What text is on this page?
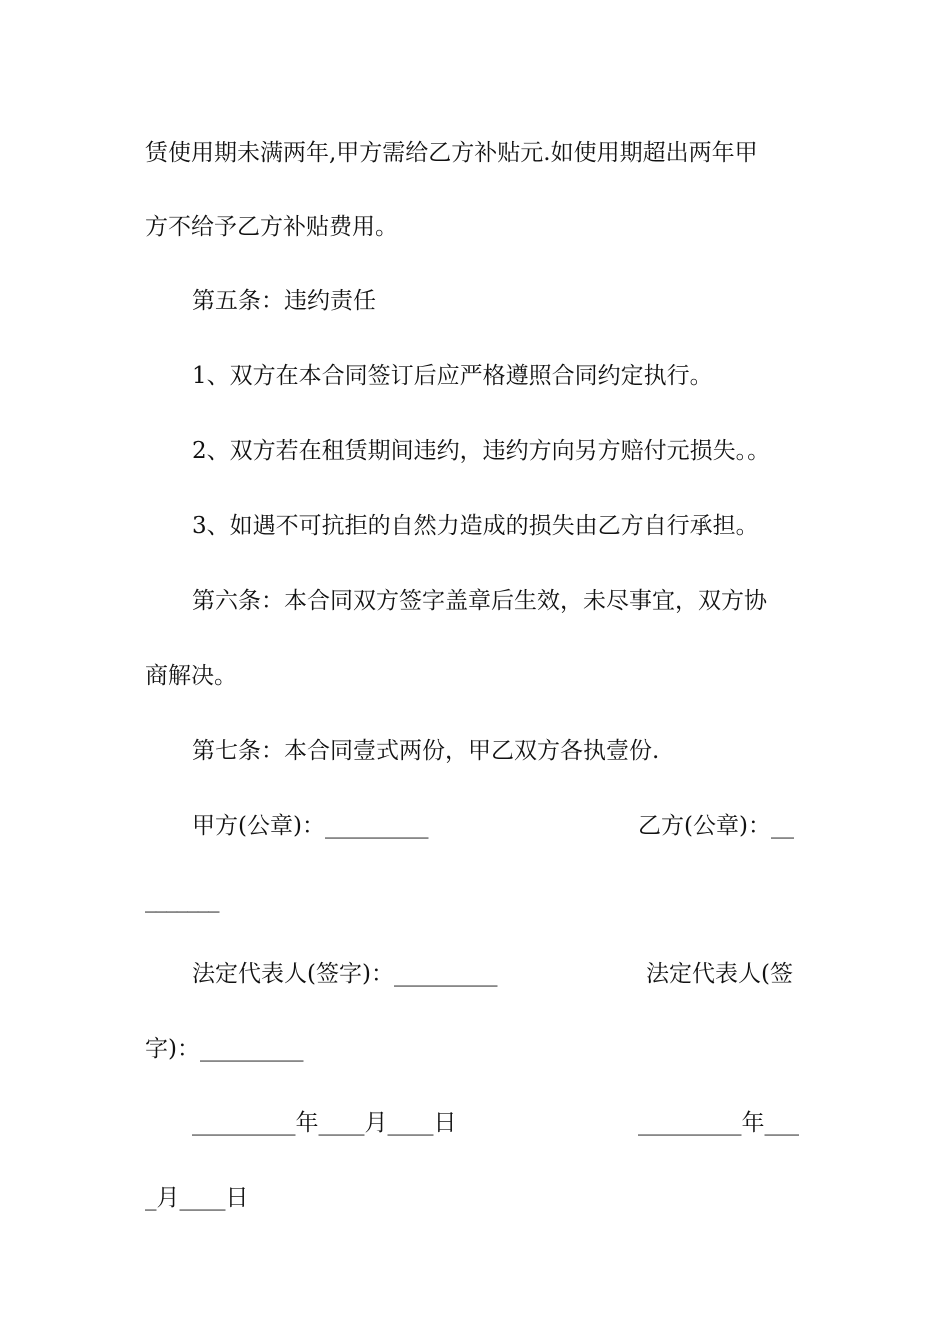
赁使用期未满两年,甲方需给乙方补贴元.如使用期超出两年甲

方不给予乙方补贴费用。

第五条：违约责任

1、双方在本合同签订后应严格遵照合同约定执行。

2、双方若在租赁期间违约，违约方向另方赔付元损失。。

3、如遇不可抗拒的自然力造成的损失由乙方自行承担。

第六条：本合同双方签字盖章后生效，未尽事宜，双方协

商解决。

第七条：本合同壹式两份，甲乙双方各执壹份.

甲方(公章)：_________

	乙方(公章)：__

_______

法定代表人(签字)：_________

	法定代表人(签

字)：_________

_________年____月____日

	_________年___

_月____日
